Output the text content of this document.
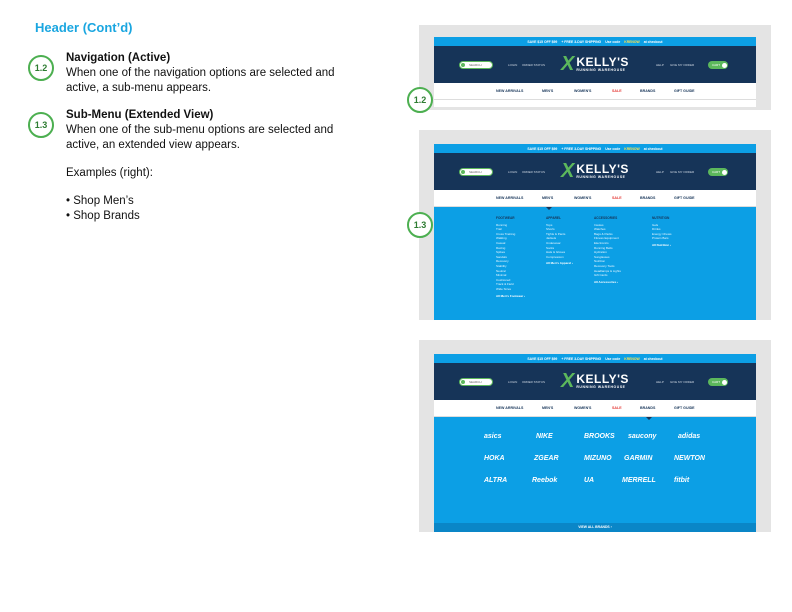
Header (Cont’d)
1.2
Navigation (Active)
When one of the navigation options are selected and
active, a sub-menu appears.
1.3
Sub-Menu (Extended View)
When one of the sub-menu options are selected and
active, an extended view appears.
Examples (right):
• Shop Men’s
• Shop Brands
SAVE $15 OFF $99 + FREE 3-DAY SHIPPING Use code KRENOW at checkout
SEARCH	LOGIN ORDER STATUS X KELLY'S
RUNNING WAREHOUSE
HELP GIVE MY ORDER	CART
NEW ARRIVALS	MEN'S	WOMEN'S	SALE	BRANDS	GIFT GUIDE
1.2
SAVE $15 OFF $99 + FREE 3-DAY SHIPPING Use code KRENOW at checkout
SEARCH	LOGIN ORDER STATUS X KELLY'S
RUNNING WAREHOUSE
HELP GIVE MY ORDER	CART
NEW ARRIVALS	MEN'S	WOMEN'S	SALE	BRANDS	GIFT GUIDE
FOOTWEAR
Running
Trail
Cross Training
Walking
Casual
Racing
Spikes
Sandals
Recovery
Stability
Neutral
Minimal
Cushioned
Track & Field
Wide Sizes
All Men's Footwear ›
APPAREL
Tops
Shorts
Tights & Pants
Jackets
Underwear
Socks
Hats & Gloves
Compression
All Men's Apparel ›
ACCESSORIES
Insoles
Watches
Bags & Packs
Fitness Equipment
Electronics
Running Belts
Hydration
Sunglasses
Nutrition
Recovery Tools
Headlamps & Lights
Gift Cards
All Accessories ›
NUTRITION
Gels
Drinks
Energy Chews
Protein Bars
All Nutrition ›
1.3
SAVE $15 OFF $99 + FREE 3-DAY SHIPPING Use code KRENOW at checkout
SEARCH	LOGIN ORDER STATUS X KELLY'S
RUNNING WAREHOUSE
HELP GIVE MY ORDER	CART
NEW ARRIVALS	MEN'S	WOMEN'S	SALE	BRANDS	GIFT GUIDE
asics	NIKE	BROOKS saucony	adidas
HOKA	ZGEAR	MIZUNO GARMIN	NEWTON
ALTRA	Reebok	UA	MERRELL	fitbit
VIEW ALL BRANDS ›
